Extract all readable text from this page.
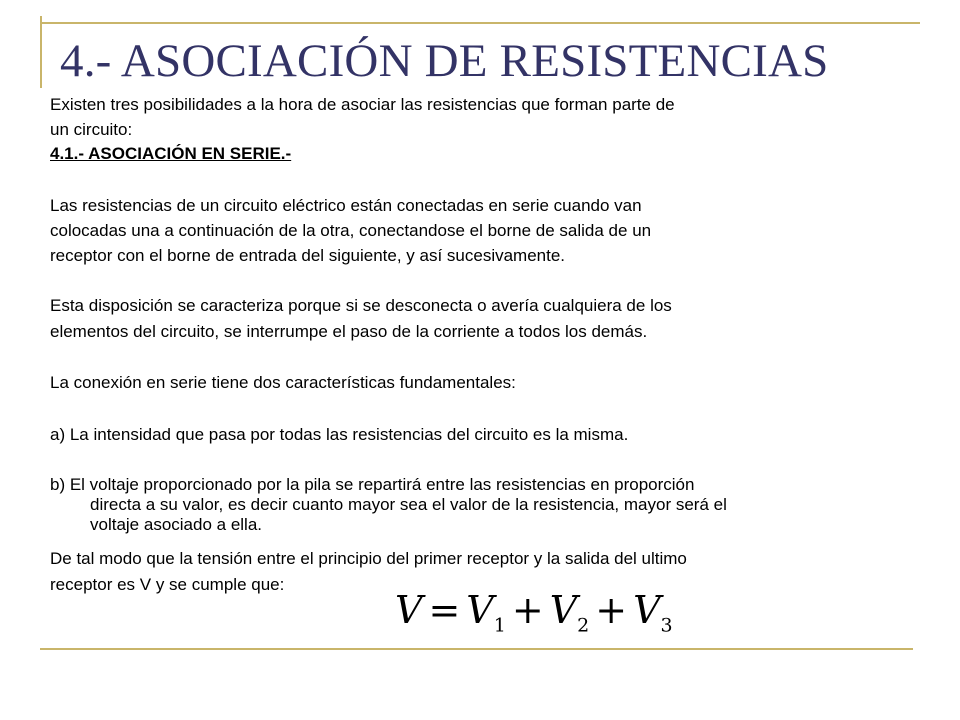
4.- ASOCIACIÓN DE RESISTENCIAS

Existen tres posibilidades a la hora de asociar las resistencias que forman parte de

un circuito:

4.1.- ASOCIACIÓN EN SERIE.-

Las resistencias de un circuito eléctrico están conectadas en serie cuando van

colocadas una a continuación de la otra, conectandose el borne de salida de un

receptor con el borne de entrada del siguiente, y así sucesivamente.

Esta disposición se caracteriza porque si se desconecta o avería cualquiera de los

elementos del circuito, se interrumpe el paso de la corriente a todos los demás.

La conexión en serie tiene dos características fundamentales:

a) La intensidad que pasa por todas las resistencias del circuito es la misma.

b) El voltaje proporcionado por la pila se repartirá entre las resistencias en proporción

directa a su valor, es decir cuanto mayor sea el valor de la resistencia, mayor será el

voltaje asociado a ella.

De tal modo que la tensión entre el principio del primer receptor y la salida del ultimo

receptor es V y se cumple que:

$V = V_1 + V_2 + V_3$
